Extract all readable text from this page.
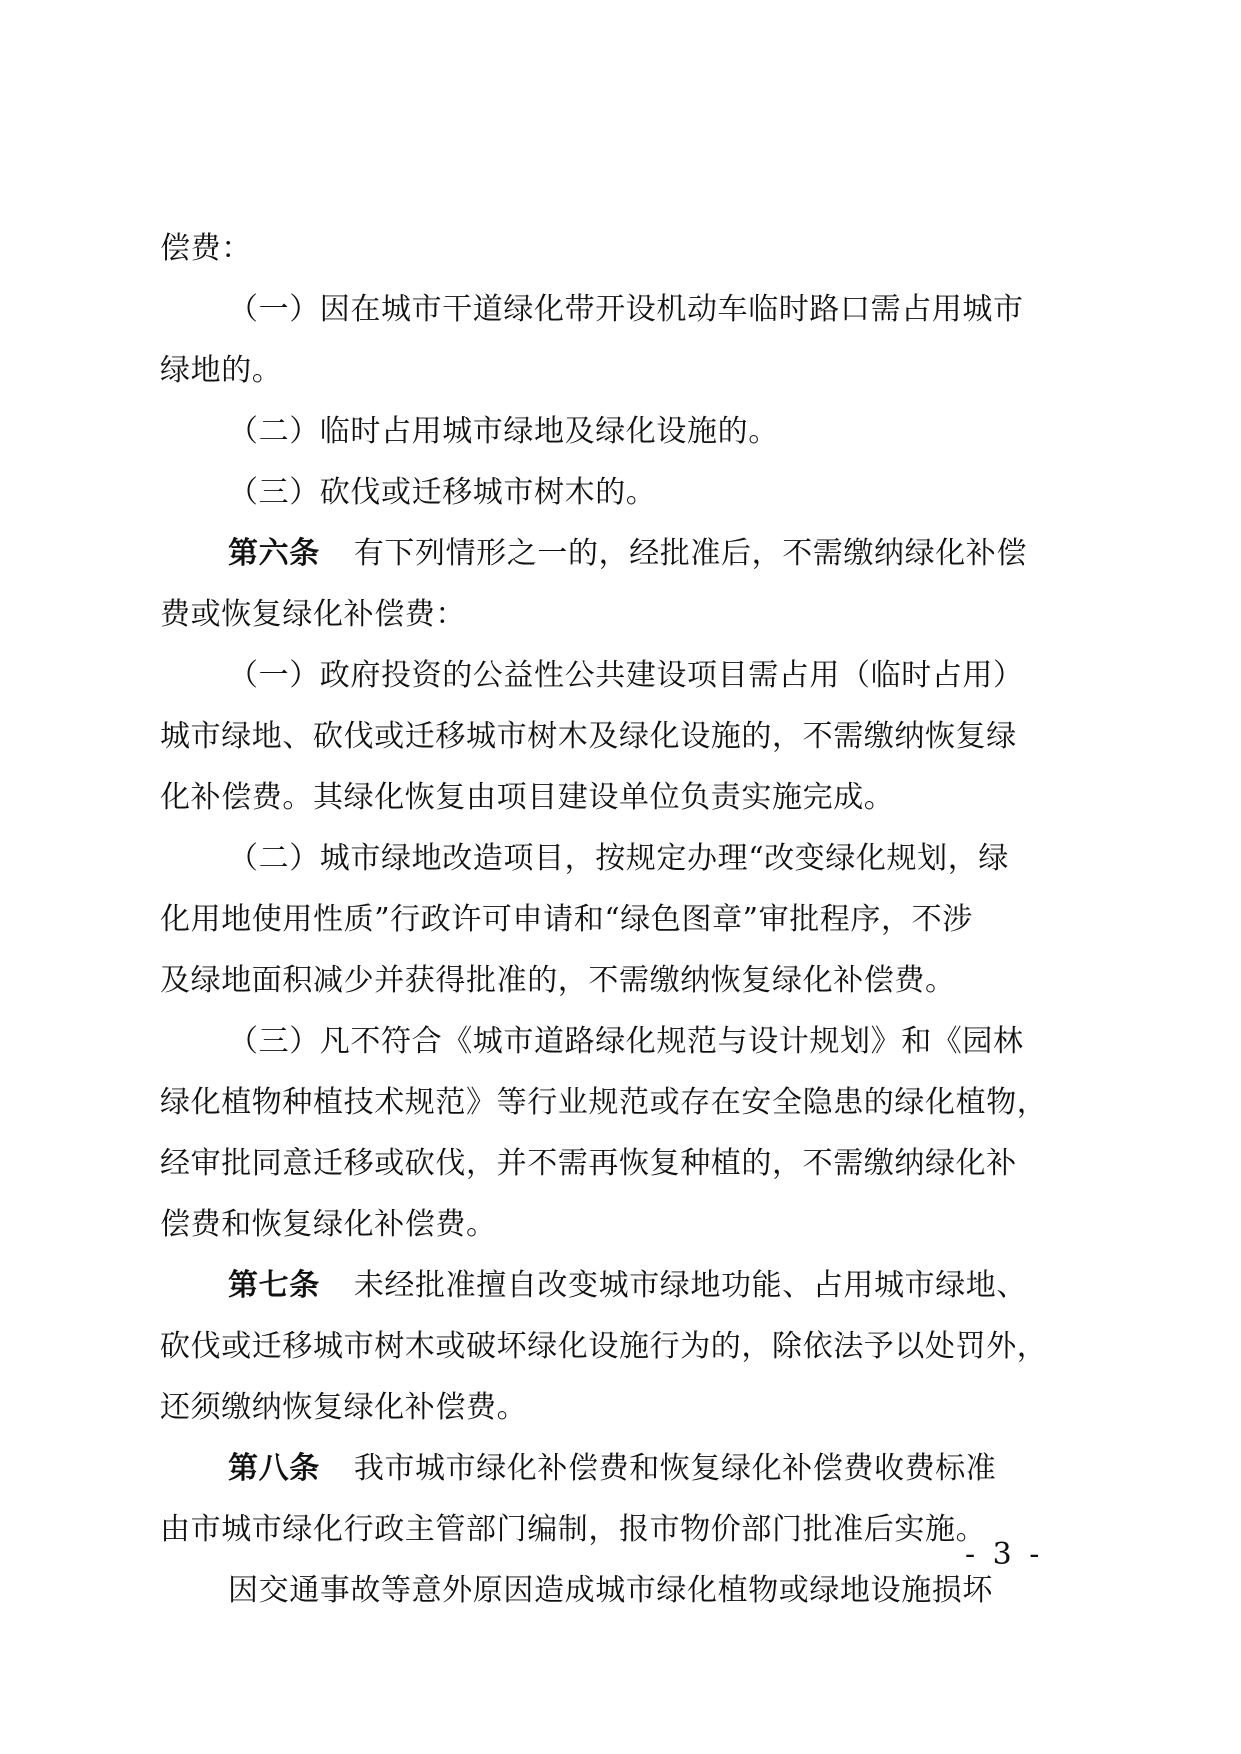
偿费：
（一）因在城市干道绿化带开设机动车临时路口需占用城市
绿地的。
（二）临时占用城市绿地及绿化设施的。
（三）砍伐或迁移城市树木的。
第六条 有下列情形之一的，经批准后，不需缴纳绿化补偿
费或恢复绿化补偿费：
（一）政府投资的公益性公共建设项目需占用（临时占用）
城市绿地、砍伐或迁移城市树木及绿化设施的，不需缴纳恢复绿
化补偿费。其绿化恢复由项目建设单位负责实施完成。
（二）城市绿地改造项目，按规定办理“改变绿化规划，绿
化用地使用性质”行政许可申请和“绿色图章”审批程序，不涉
及绿地面积减少并获得批准的，不需缴纳恢复绿化补偿费。
（三）凡不符合《城市道路绿化规范与设计规划》和《园林
绿化植物种植技术规范》等行业规范或存在安全隐患的绿化植物，
经审批同意迁移或砍伐，并不需再恢复种植的，不需缴纳绿化补
偿费和恢复绿化补偿费。
第七条 未经批准擅自改变城市绿地功能、占用城市绿地、
砍伐或迁移城市树木或破坏绿化设施行为的，除依法予以处罚外，
还须缴纳恢复绿化补偿费。
第八条 我市城市绿化补偿费和恢复绿化补偿费收费标准
由市城市绿化行政主管部门编制，报市物价部门批准后实施。
因交通事故等意外原因造成城市绿化植物或绿地设施损坏
- 3 -
